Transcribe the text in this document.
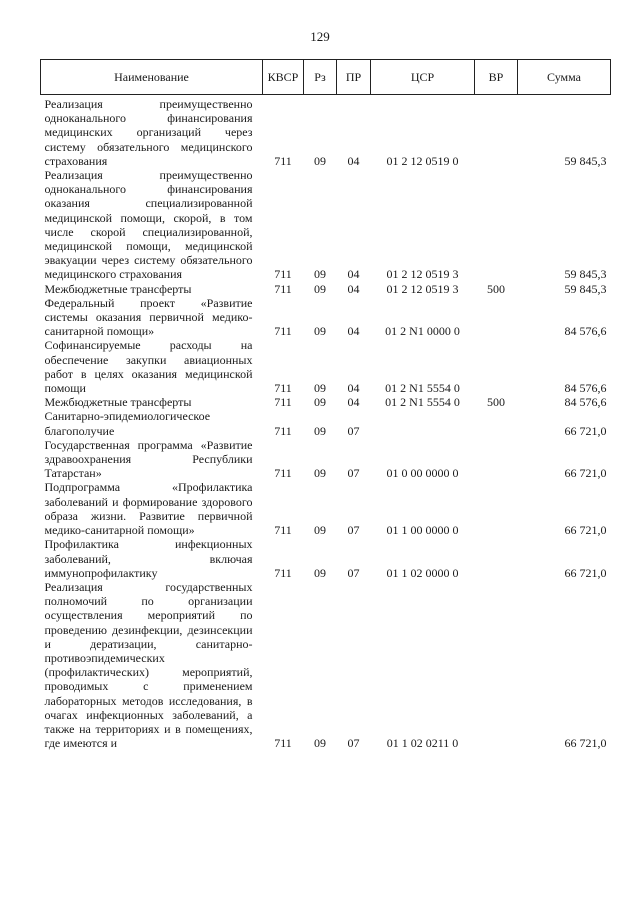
129
Наименование	КВСР	Рз	ПР	ЦСР	ВР	Сумма
Реализация преимущественно одноканального финансирования медицинских организаций через систему обязательного медицинского страхования	711	09	04	01 2 12 0519 0		59 845,3
Реализация преимущественно одноканального финансирования оказания специализированной медицинской помощи, скорой, в том числе скорой специализированной, медицинской помощи, медицинской эвакуации через систему обязательного медицинского страхования	711	09	04	01 2 12 0519 3		59 845,3
Межбюджетные трансферты	711	09	04	01 2 12 0519 3	500	59 845,3
Федеральный проект «Развитие системы оказания первичной медико-санитарной помощи»	711	09	04	01 2 N1 0000 0		84 576,6
Софинансируемые расходы на обеспечение закупки авиационных работ в целях оказания медицинской помощи	711	09	04	01 2 N1 5554 0		84 576,6
Межбюджетные трансферты	711	09	04	01 2 N1 5554 0	500	84 576,6
Санитарно-эпидемиологическое благополучие	711	09	07			66 721,0
Государственная программа «Развитие здравоохранения Республики Татарстан»	711	09	07	01 0 00 0000 0		66 721,0
Подпрограмма «Профилактика заболеваний и формирование здорового образа жизни. Развитие первичной медико-санитарной помощи»	711	09	07	01 1 00 0000 0		66 721,0
Профилактика инфекционных заболеваний, включая иммунопрофилактику	711	09	07	01 1 02 0000 0		66 721,0
Реализация государственных полномочий по организации осуществления мероприятий по проведению дезинфекции, дезинсекции и дератизации, санитарно-противоэпидемических (профилактических) мероприятий, проводимых с применением лабораторных методов исследования, в очагах инфекционных заболеваний, а также на территориях и в помещениях, где имеются и	711	09	07	01 1 02 0211 0		66 721,0
